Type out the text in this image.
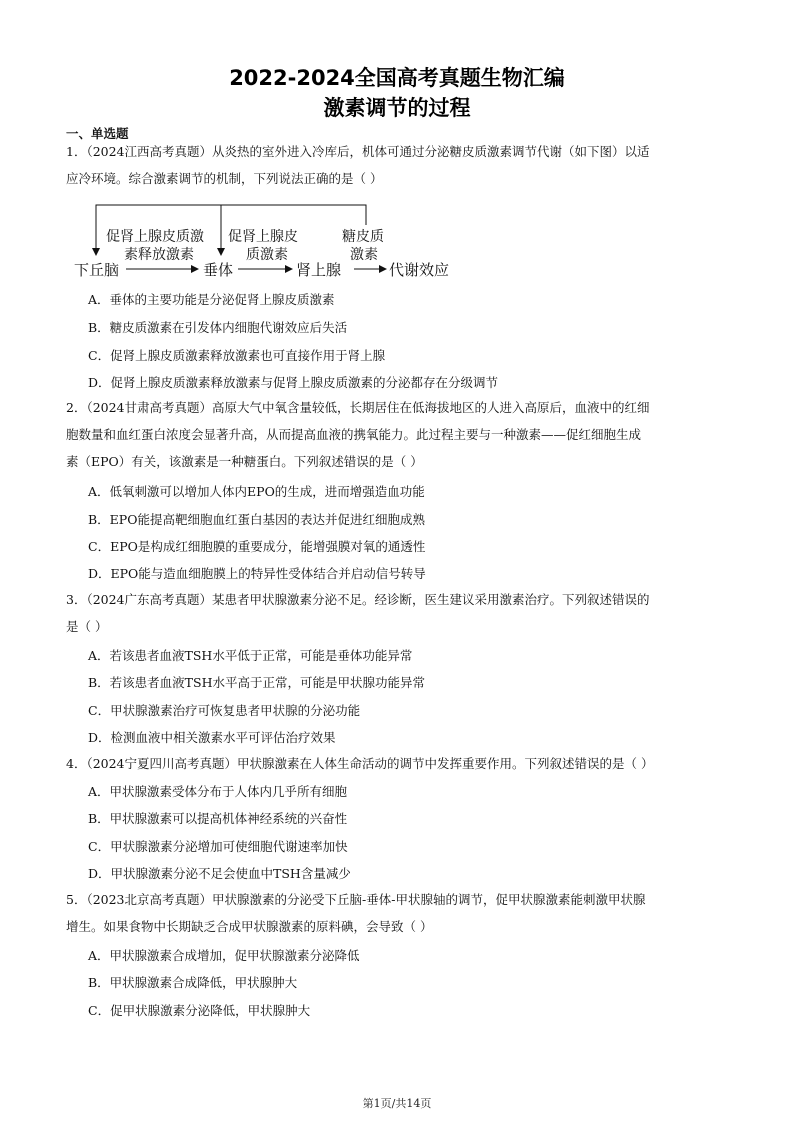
2022-2024全国高考真题生物汇编
激素调节的过程
一、单选题
1．（2024江西高考真题）从炎热的室外进入冷库后，机体可通过分泌糖皮质激素调节代谢（如下图）以适
应冷环境。综合激素调节的机制，下列说法正确的是（ ）
下丘脑	垂体	肾上腺	代谢效应
促肾上腺皮质激
素释放激素
促肾上腺皮
质激素
糖皮质
激素
A．垂体的主要功能是分泌促肾上腺皮质激素
B．糖皮质激素在引发体内细胞代谢效应后失活
C．促肾上腺皮质激素释放激素也可直接作用于肾上腺
D．促肾上腺皮质激素释放激素与促肾上腺皮质激素的分泌都存在分级调节
2．（2024甘肃高考真题）高原大气中氧含量较低，长期居住在低海拔地区的人进入高原后，血液中的红细
胞数量和血红蛋白浓度会显著升高，从而提高血液的携氧能力。此过程主要与一种激素——促红细胞生成
素（EPO）有关，该激素是一种糖蛋白。下列叙述错误的是（ ）
A．低氧刺激可以增加人体内EPO的生成，进而增强造血功能
B．EPO能提高靶细胞血红蛋白基因的表达并促进红细胞成熟
C．EPO是构成红细胞膜的重要成分，能增强膜对氧的通透性
D．EPO能与造血细胞膜上的特异性受体结合并启动信号转导
3．（2024广东高考真题）某患者甲状腺激素分泌不足。经诊断，医生建议采用激素治疗。下列叙述错误的
是（ ）
A．若该患者血液TSH水平低于正常，可能是垂体功能异常
B．若该患者血液TSH水平高于正常，可能是甲状腺功能异常
C．甲状腺激素治疗可恢复患者甲状腺的分泌功能
D．检测血液中相关激素水平可评估治疗效果
4．（2024宁夏四川高考真题）甲状腺激素在人体生命活动的调节中发挥重要作用。下列叙述错误的是（ ）
A．甲状腺激素受体分布于人体内几乎所有细胞
B．甲状腺激素可以提高机体神经系统的兴奋性
C．甲状腺激素分泌增加可使细胞代谢速率加快
D．甲状腺激素分泌不足会使血中TSH含量减少
5．（2023北京高考真题）甲状腺激素的分泌受下丘脑-垂体-甲状腺轴的调节，促甲状腺激素能刺激甲状腺
增生。如果食物中长期缺乏合成甲状腺激素的原料碘，会导致（ ）
A．甲状腺激素合成增加，促甲状腺激素分泌降低
B．甲状腺激素合成降低，甲状腺肿大
C．促甲状腺激素分泌降低，甲状腺肿大
第1页/共14页
